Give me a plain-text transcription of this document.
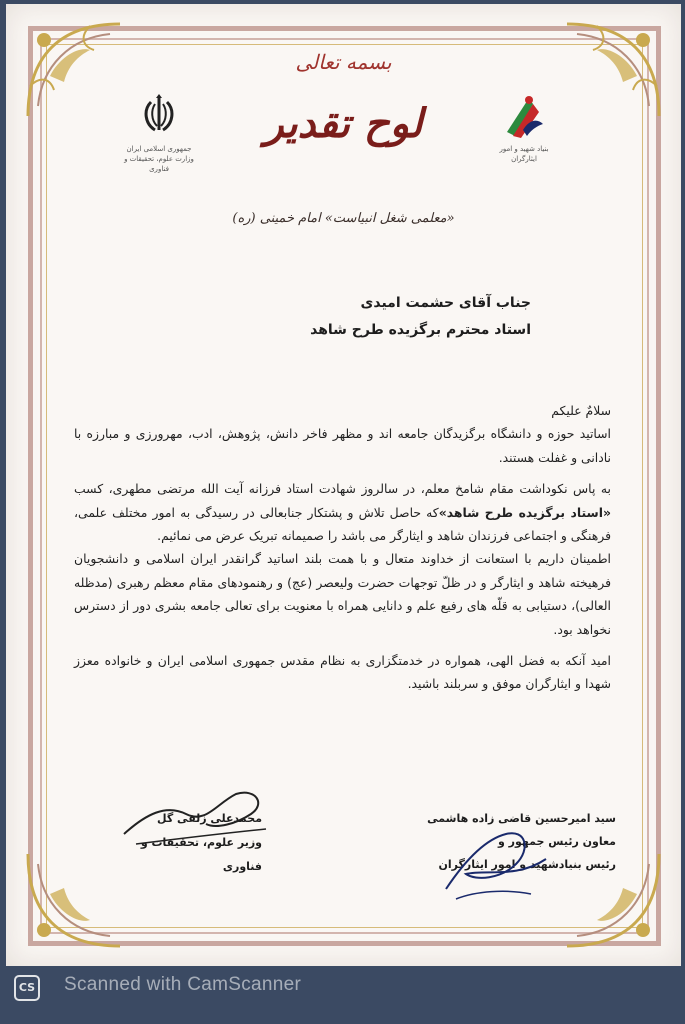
جمهوری اسلامی ایران
وزارت علوم، تحقیقات و فناوری
بنیاد شهید و امور ایثارگران
بسمه تعالی
لوح تقدیر
«معلمی شغل انبیاست» امام خمینی (ره)
جناب آقای حشمت امیدی
استاد محترم برگزیده طرح شاهد

سلامٌ علیکم

اساتید حوزه و دانشگاه برگزیدگان جامعه اند و مظهر فاخر دانش، پژوهش، ادب، مهرورزی و مبارزه با نادانی و غفلت هستند.

به پاس نکوداشت مقام شامخ معلم، در سالروز شهادت استاد فرزانه آیت الله مرتضی مطهری، کسب «استاد برگزیده طرح شاهد»که حاصل تلاش و پشتکار جنابعالی در رسیدگی به امور مختلف علمی، فرهنگی و اجتماعی فرزندان شاهد و ایثارگر می باشد را صمیمانه تبریک عرض می نمائیم.

اطمینان داریم با استعانت از خداوند متعال و با همت بلند اساتید گرانقدر ایران اسلامی و دانشجویان فرهیخته شاهد و ایثارگر و در ظلّ توجهات حضرت ولیعصر (عج) و رهنمودهای مقام معظم رهبری (مدظله العالی)، دستیابی به قلّه های رفیع علم و دانایی همراه با معنویت برای تعالی جامعه بشری دور از دسترس نخواهد بود.

امید آنکه به فضل الهی، همواره در خدمتگزاری به نظام مقدس جمهوری اسلامی ایران و خانواده معزز شهدا و ایثارگران موفق و سربلند باشید.

سید امیرحسین قاضی زاده هاشمی
معاون رئیس جمهور و
رئیس بنیادشهید و امور ایثارگران
محمدعلی زلفی گل
وزیر علوم، تحقیقات و فناوری
CS Scanned with CamScanner
